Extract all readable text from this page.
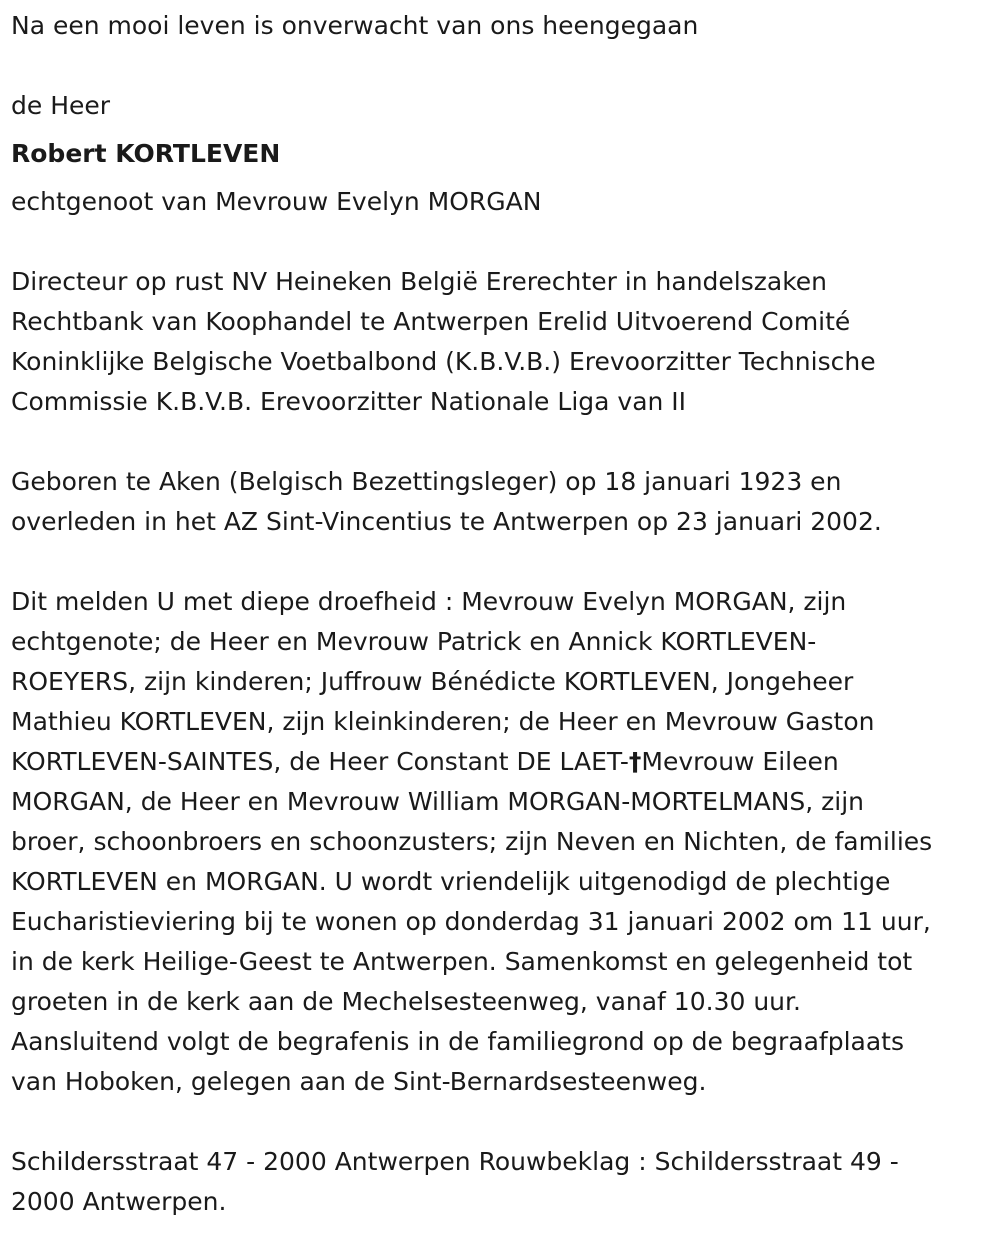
Na een mooi leven is onverwacht van ons heengegaan

de Heer

Robert KORTLEVEN

echtgenoot van Mevrouw Evelyn MORGAN

Directeur op rust NV Heineken België Ererechter in handelszaken
Rechtbank van Koophandel te Antwerpen Erelid Uitvoerend Comité
Koninklijke Belgische Voetbalbond (K.B.V.B.) Erevoorzitter Technische
Commissie K.B.V.B. Erevoorzitter Nationale Liga van II

Geboren te Aken (Belgisch Bezettingsleger) op 18 januari 1923 en
overleden in het AZ Sint-Vincentius te Antwerpen op 23 januari 2002.

Dit melden U met diepe droefheid : Mevrouw Evelyn MORGAN, zijn
echtgenote; de Heer en Mevrouw Patrick en Annick KORTLEVEN-
ROEYERS, zijn kinderen; Juffrouw Bénédicte KORTLEVEN, Jongeheer
Mathieu KORTLEVEN, zijn kleinkinderen; de Heer en Mevrouw Gaston
KORTLEVEN-SAINTES, de Heer Constant DE LAET-†Mevrouw Eileen
MORGAN, de Heer en Mevrouw William MORGAN-MORTELMANS, zijn
broer, schoonbroers en schoonzusters; zijn Neven en Nichten, de families
KORTLEVEN en MORGAN. U wordt vriendelijk uitgenodigd de plechtige
Eucharistieviering bij te wonen op donderdag 31 januari 2002 om 11 uur,
in de kerk Heilige-Geest te Antwerpen. Samenkomst en gelegenheid tot
groeten in de kerk aan de Mechelsesteenweg, vanaf 10.30 uur.
Aansluitend volgt de begrafenis in de familiegrond op de begraafplaats
van Hoboken, gelegen aan de Sint-Bernardsesteenweg.

Schildersstraat 47 - 2000 Antwerpen Rouwbeklag : Schildersstraat 49 -
2000 Antwerpen.
